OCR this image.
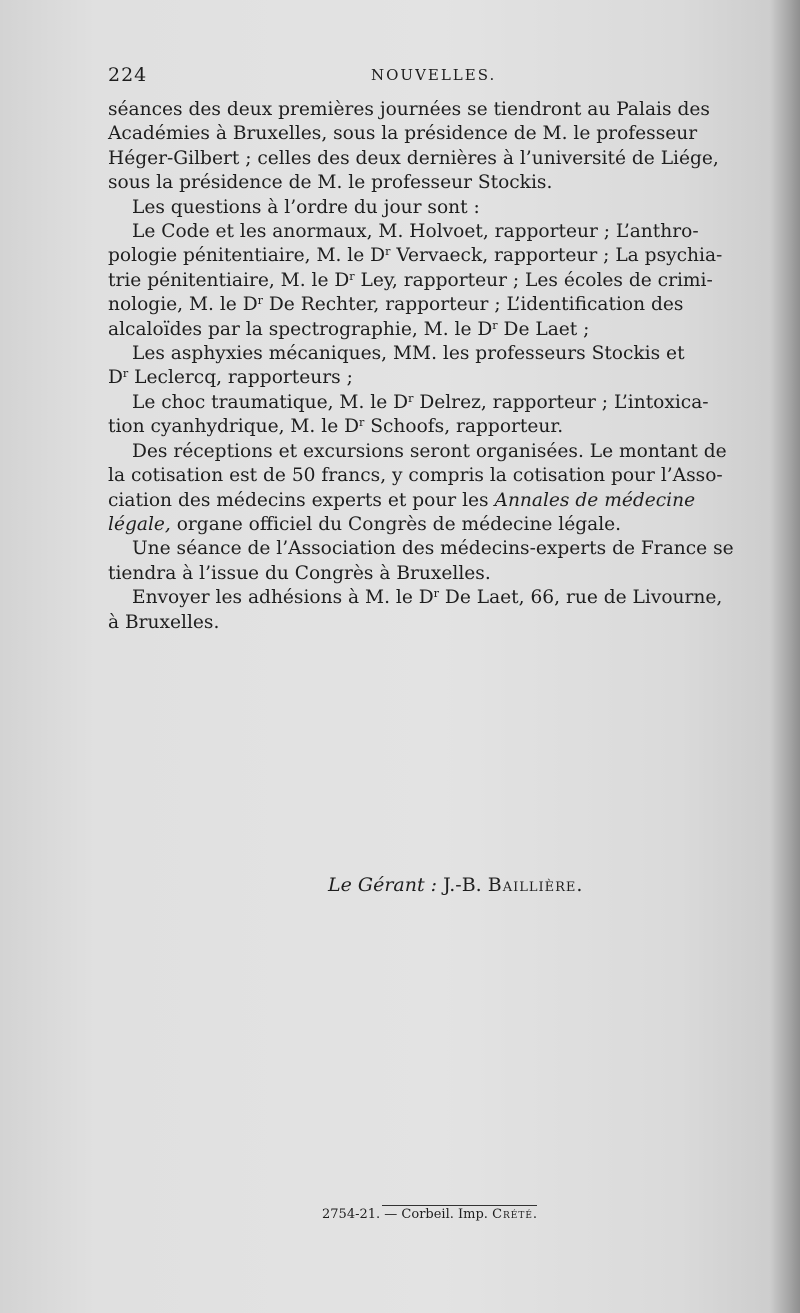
224	NOUVELLES.
séances des deux premières journées se tiendront au Palais des
Académies à Bruxelles, sous la présidence de M. le professeur
Héger-Gilbert ; celles des deux dernières à l’université de Liége,
sous la présidence de M. le professeur Stockis.
Les questions à l’ordre du jour sont :
Le Code et les anormaux, M. Holvoet, rapporteur ; L’anthro-
pologie pénitentiaire, M. le $D^r$ Vervaeck, rapporteur ; La psychia-
trie pénitentiaire, M. le $D^r$ Ley, rapporteur ; Les écoles de crimi-
nologie, M. le $D^r$ De Rechter, rapporteur ; L’identification des
alcaloïdes par la spectrographie, M. le $D^r$ De Laet ;
Les asphyxies mécaniques, MM. les professeurs Stockis et
$D^r$ Leclercq, rapporteurs ;
Le choc traumatique, M. le $D^r$ Delrez, rapporteur ; L’intoxica-
tion cyanhydrique, M. le $D^r$ Schoofs, rapporteur.
Des réceptions et excursions seront organisées. Le montant de
la cotisation est de 50 francs, y compris la cotisation pour l’Asso-
ciation des médecins experts et pour les Annales de médecine
légale, organe officiel du Congrès de médecine légale.
Une séance de l’Association des médecins-experts de France se
tiendra à l’issue du Congrès à Bruxelles.
Envoyer les adhésions à M. le $D^r$ De Laet, 66, rue de Livourne,
à Bruxelles.
Le Gérant : J.-B. Baillière.
2754-21. — Corbeil. Imp. Crété.
